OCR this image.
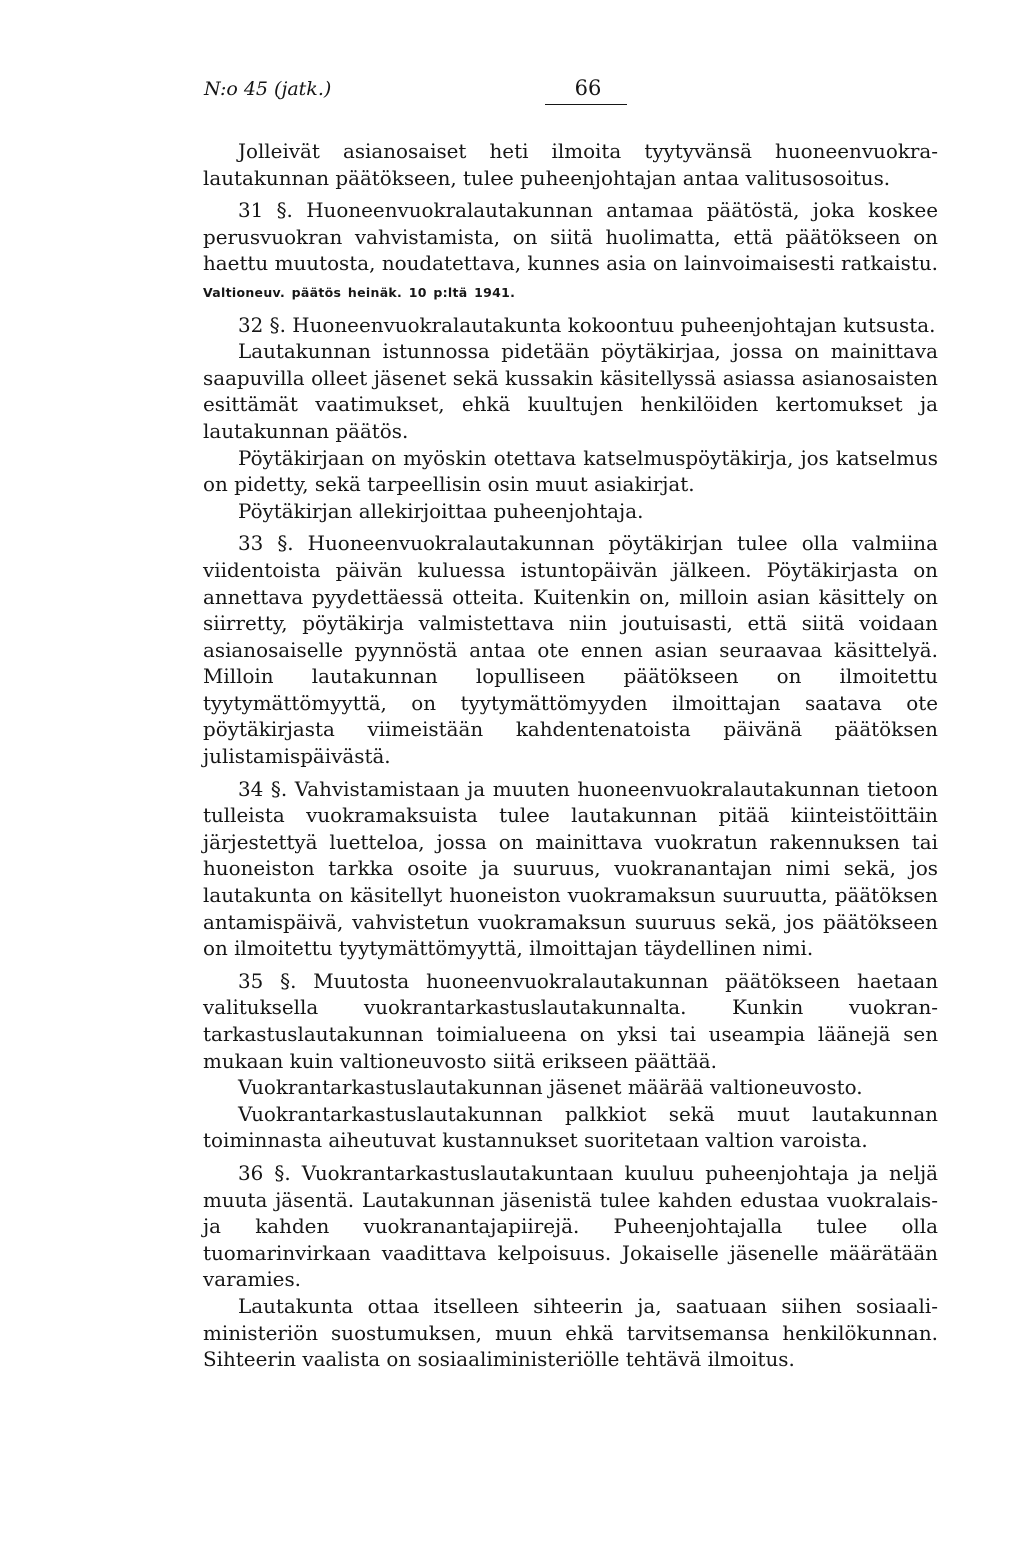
N:o 45 (jatk.)	66

Jolleivät asianosaiset heti ilmoita tyytyvänsä huoneenvuokralautakunnan päätökseen, tulee puheenjohtajan antaa valitusosoitus.

31 §. Huoneenvuokralautakunnan antamaa päätöstä, joka koskee perusvuokran vahvistamista, on siitä huolimatta, että päätökseen on haettu muutosta, noudatettava, kunnes asia on lainvoimaisesti ratkaistu. Valtioneuv. päätös heinäk. 10 p:ltä 1941.

32 §. Huoneenvuokralautakunta kokoontuu puheenjohtajan kutsusta.

Lautakunnan istunnossa pidetään pöytäkirjaa, jossa on mainittava saapuvilla olleet jäsenet sekä kussakin käsitellyssä asiassa asianosaisten esittämät vaatimukset, ehkä kuultujen henkilöiden kertomukset ja lautakunnan päätös.

Pöytäkirjaan on myöskin otettava katselmuspöytäkirja, jos katselmus on pidetty, sekä tarpeellisin osin muut asiakirjat.

Pöytäkirjan allekirjoittaa puheenjohtaja.

33 §. Huoneenvuokralautakunnan pöytäkirjan tulee olla valmiina viidentoista päivän kuluessa istuntopäivän jälkeen. Pöytäkirjasta on annettava pyydettäessä otteita. Kuitenkin on, milloin asian käsittely on siirretty, pöytäkirja valmistettava niin joutuisasti, että siitä voidaan asianosaiselle pyynnöstä antaa ote ennen asian seuraavaa käsittelyä. Milloin lautakunnan lopulliseen päätökseen on ilmoitettu tyytymättömyyttä, on tyytymättömyyden ilmoittajan saatava ote pöytäkirjasta viimeistään kahdentenatoista päivänä päätöksen julistamispäivästä.

34 §. Vahvistamistaan ja muuten huoneenvuokralautakunnan tietoon tulleista vuokramaksuista tulee lautakunnan pitää kiinteistöittäin järjestettyä luetteloa, jossa on mainittava vuokratun rakennuksen tai huoneiston tarkka osoite ja suuruus, vuokranantajan nimi sekä, jos lautakunta on käsitellyt huoneiston vuokramaksun suuruutta, päätöksen antamispäivä, vahvistetun vuokramaksun suuruus sekä, jos päätökseen on ilmoitettu tyytymättömyyttä, ilmoittajan täydellinen nimi.

35 §. Muutosta huoneenvuokralautakunnan päätökseen haetaan valituksella vuokrantarkastuslautakunnalta. Kunkin vuokrantarkastuslautakunnan toimialueena on yksi tai useampia läänejä sen mukaan kuin valtioneuvosto siitä erikseen päättää.

Vuokrantarkastuslautakunnan jäsenet määrää valtioneuvosto.

Vuokrantarkastuslautakunnan palkkiot sekä muut lautakunnan toiminnasta aiheutuvat kustannukset suoritetaan valtion varoista.

36 §. Vuokrantarkastuslautakuntaan kuuluu puheenjohtaja ja neljä muuta jäsentä. Lautakunnan jäsenistä tulee kahden edustaa vuokralais- ja kahden vuokranantajapiirejä. Puheenjohtajalla tulee olla tuomarinvirkaan vaadittava kelpoisuus. Jokaiselle jäsenelle määrätään varamies.

Lautakunta ottaa itselleen sihteerin ja, saatuaan siihen sosiaaliministeriön suostumuksen, muun ehkä tarvitsemansa henkilökunnan. Sihteerin vaalista on sosiaaliministeriölle tehtävä ilmoitus.
